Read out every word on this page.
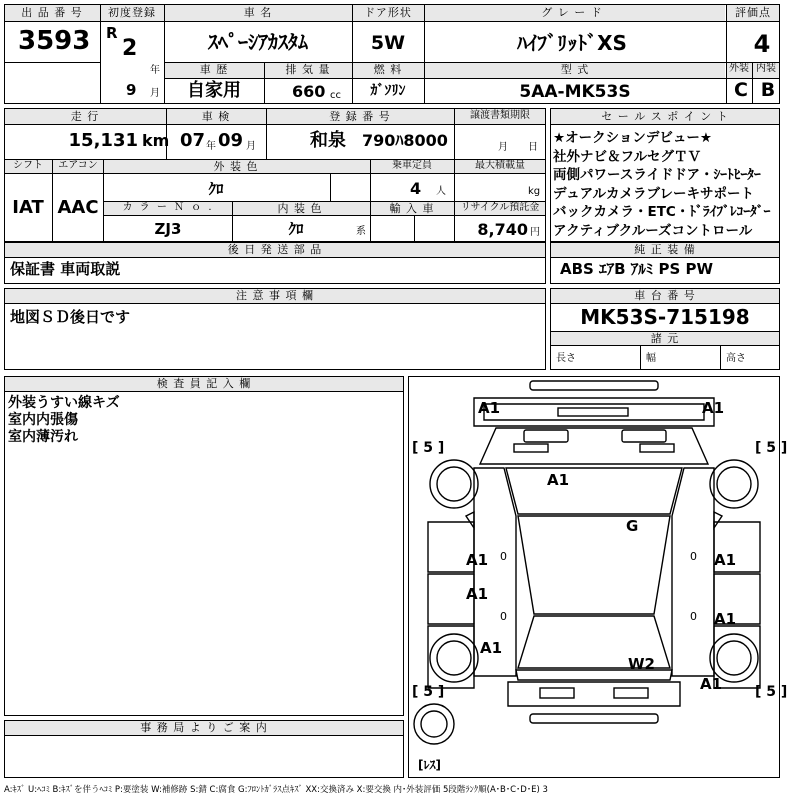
出 品 番 号
3593
初度登録
R
2
年
9 月
車 名
ｽﾍﾟｰｼｱｶｽﾀﾑ
ドア形状
5W
グ レ ー ド
ﾊｲﾌﾞﾘｯﾄﾞXS
評価点
4
車 歴
自家用
排 気 量
660 cc
燃 料
ｶﾞｿﾘﾝ
型 式
5AA-MK53S
外装
C
内装
B
走 行
15,131 km
車 検
07 年 09 月
登 録 番 号
和泉 790ﾊ8000
譲渡書類期限
月 日
シフト
IAT
エアコン
AAC
外 装 色
ｸﾛ
乗車定員
4 人
最大積載量
kg
カ ラ ー Ｎ ｏ .
ZJ3
内 装 色
ｸﾛ	系
輸 入 車	リサイクル預託金
8,740 円
後 日 発 送 部 品
保証書 車両取説
セ ー ル ス ポ イ ン ト
★オークションデビュー★
社外ナビ＆フルセグＴＶ
両側パワースライドドア・ｼｰﾄﾋｰﾀｰ
デュアルカメラブレーキサポート
バックカメラ・ETC・ﾄﾞﾗｲﾌﾞﾚｺｰﾀﾞｰ
アクティブクルーズコントロール
純 正 装 備
ABS ｴｱB ｱﾙﾐ PS PW
注 意 事 項 欄
地図ＳＤ後日です
車 台 番 号
MK53S-715198
諸 元
長さ	幅	高さ
検 査 員 記 入 欄
外装うすい線キズ
室内内張傷
室内薄汚れ
事 務 局 よ り ご 案 内
A1	A1
A1
G
A1	A1
A1
A1
A1
A1
W2
[ 5 ]	[ 5 ]
[ 5 ]	[ 5 ]
[ﾚｽ]
0
0
0
0
A:ｷｽﾞ U:ﾍｺﾐ B:ｷｽﾞを伴うﾍｺﾐ P:要塗装 W:補修跡 S:錆 C:腐食 G:ﾌﾛﾝﾄｶﾞﾗｽ点ｷｽﾞ XX:交換済み X:要交換 内･外装評価 5段階ﾗﾝｸ順(A･B･C･D･E) 3
